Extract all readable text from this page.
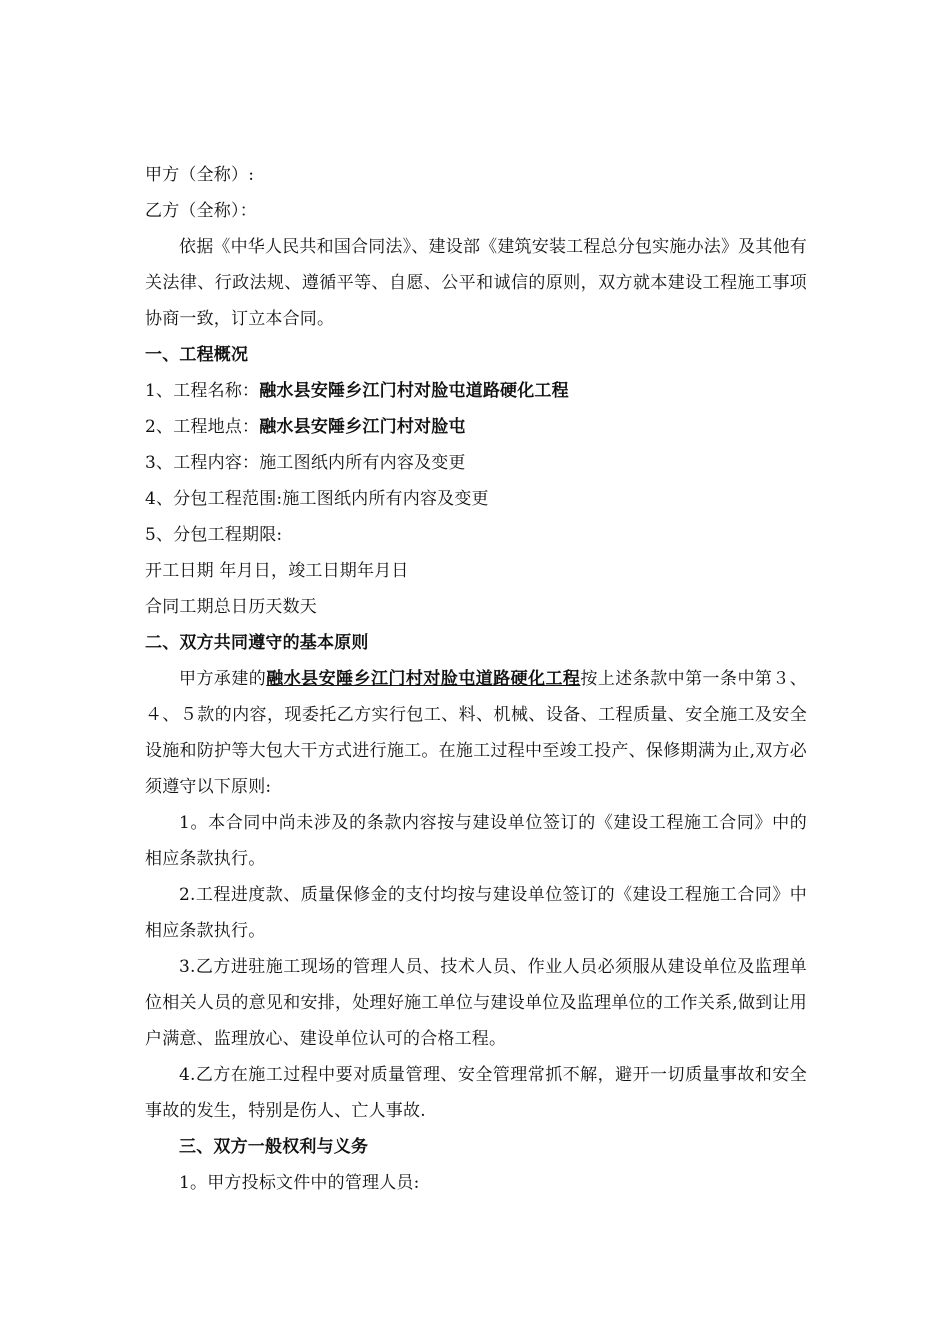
甲方（全称）:
乙方（全称）：
依据《中华人民共和国合同法》、建设部《建筑安装工程总分包实施办法》及其他有关法律、行政法规、遵循平等、自愿、公平和诚信的原则，双方就本建设工程施工事项协商一致，订立本合同。
一、工程概况
1、工程名称：融水县安陲乡江门村对脸屯道路硬化工程
2、工程地点：融水县安陲乡江门村对脸屯
3、工程内容：施工图纸内所有内容及变更
4、分包工程范围:施工图纸内所有内容及变更
5、分包工程期限:
开工日期 年月日，竣工日期年月日
合同工期总日历天数天
二、双方共同遵守的基本原则
甲方承建的融水县安陲乡江门村对脸屯道路硬化工程按上述条款中第一条中第３、４、５款的内容，现委托乙方实行包工、料、机械、设备、工程质量、安全施工及安全设施和防护等大包大干方式进行施工。在施工过程中至竣工投产、保修期满为止,双方必须遵守以下原则:
1。本合同中尚未涉及的条款内容按与建设单位签订的《建设工程施工合同》中的相应条款执行。
2.工程进度款、质量保修金的支付均按与建设单位签订的《建设工程施工合同》中相应条款执行。
3.乙方进驻施工现场的管理人员、技术人员、作业人员必须服从建设单位及监理单位相关人员的意见和安排，处理好施工单位与建设单位及监理单位的工作关系,做到让用户满意、监理放心、建设单位认可的合格工程。
4.乙方在施工过程中要对质量管理、安全管理常抓不解，避开一切质量事故和安全事故的发生，特别是伤人、亡人事故.
三、双方一般权利与义务
1。甲方投标文件中的管理人员:
